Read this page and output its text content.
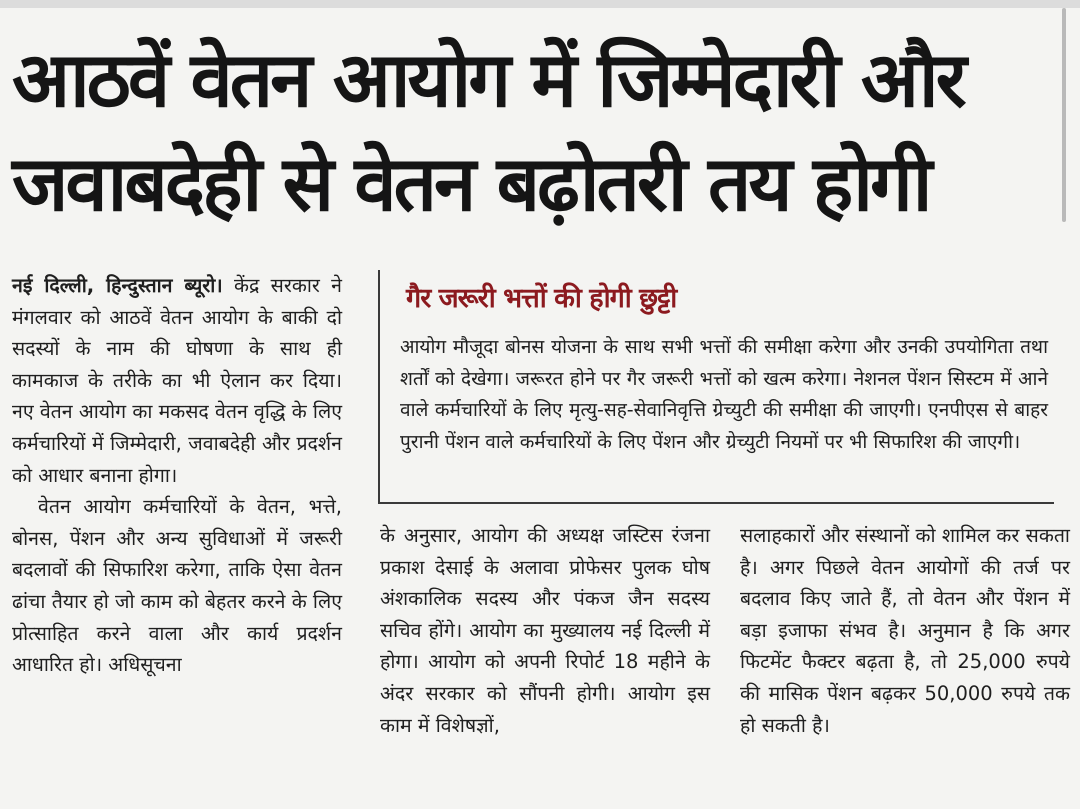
आठवें वेतन आयोग में जिम्मेदारी और
जवाबदेही से वेतन बढ़ोतरी तय होगी

नई दिल्ली, हिन्दुस्तान ब्यूरो। केंद्र सरकार ने मंगलवार को आठवें वेतन आयोग के बाकी दो सदस्यों के नाम की घोषणा के साथ ही कामकाज के तरीके का भी ऐलान कर दिया। नए वेतन आयोग का मकसद वेतन वृद्धि के लिए कर्मचारियों में जिम्मेदारी, जवाबदेही और प्रदर्शन को आधार बनाना होगा।

वेतन आयोग कर्मचारियों के वेतन, भत्ते, बोनस, पेंशन और अन्य सुविधाओं में जरूरी बदलावों की सिफारिश करेगा, ताकि ऐसा वेतन ढांचा तैयार हो जो काम को बेहतर करने के लिए प्रोत्साहित करने वाला और कार्य प्रदर्शन आधारित हो। अधिसूचना

गैर जरूरी भत्तों की होगी छुट्टी

आयोग मौजूदा बोनस योजना के साथ सभी भत्तों की समीक्षा करेगा और उनकी उपयोगिता तथा शर्तों को देखेगा। जरूरत होने पर गैर जरूरी भत्तों को खत्म करेगा। नेशनल पेंशन सिस्टम में आने वाले कर्मचारियों के लिए मृत्यु-सह-सेवानिवृत्ति ग्रेच्युटी की समीक्षा की जाएगी। एनपीएस से बाहर पुरानी पेंशन वाले कर्मचारियों के लिए पेंशन और ग्रेच्युटी नियमों पर भी सिफारिश की जाएगी।

के अनुसार, आयोग की अध्यक्ष जस्टिस रंजना प्रकाश देसाई के अलावा प्रोफेसर पुलक घोष अंशकालिक सदस्य और पंकज जैन सदस्य सचिव होंगे। आयोग का मुख्यालय नई दिल्ली में होगा। आयोग को अपनी रिपोर्ट 18 महीने के अंदर सरकार को सौंपनी होगी। आयोग इस काम में विशेषज्ञों,

सलाहकारों और संस्थानों को शामिल कर सकता है। अगर पिछले वेतन आयोगों की तर्ज पर बदलाव किए जाते हैं, तो वेतन और पेंशन में बड़ा इजाफा संभव है। अनुमान है कि अगर फिटमेंट फैक्टर बढ़ता है, तो 25,000 रुपये की मासिक पेंशन बढ़कर 50,000 रुपये तक हो सकती है।
